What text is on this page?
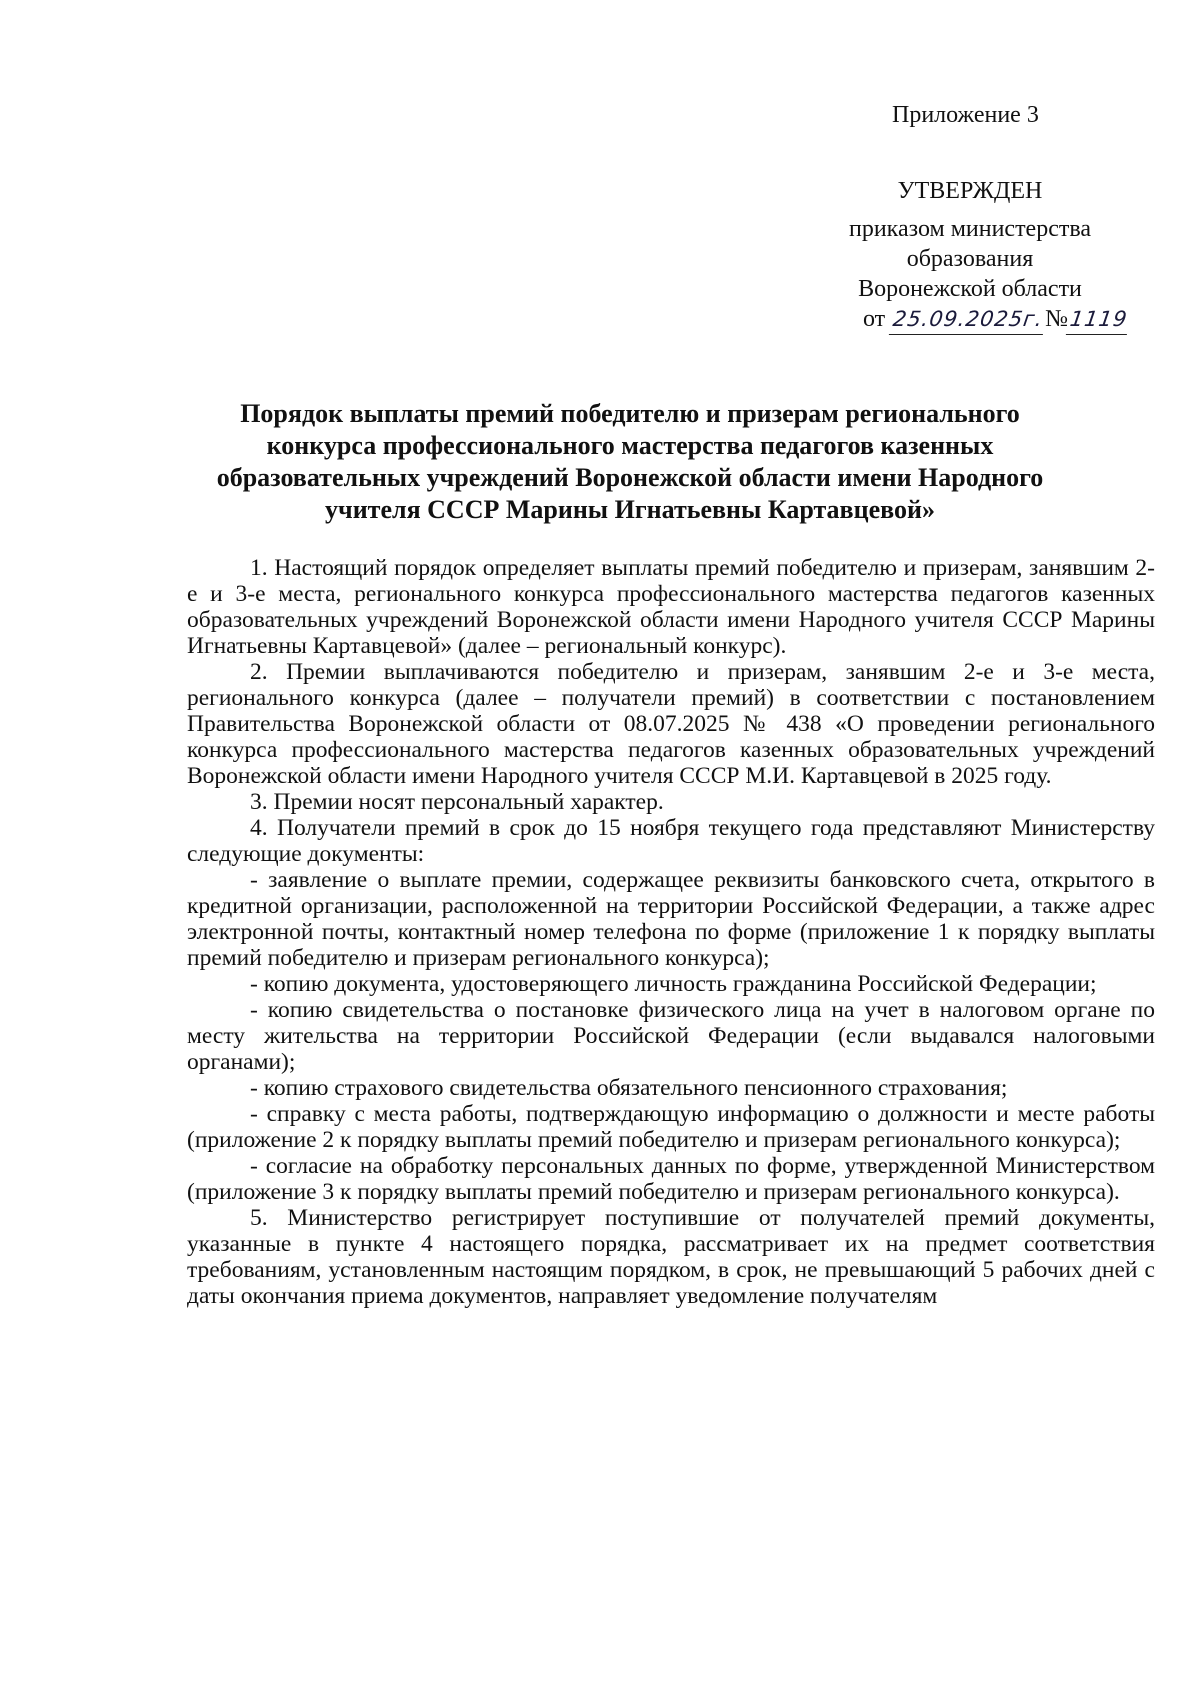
Приложение 3
УТВЕРЖДЕН
приказом министерства
образования
Воронежской области
от 25.09.2025г.№1119
Порядок выплаты премий победителю и призерам регионального
конкурса профессионального мастерства педагогов казенных
образовательных учреждений Воронежской области имени Народного
учителя СССР Марины Игнатьевны Картавцевой»

1. Настоящий порядок определяет выплаты премий победителю и призерам, занявшим 2-е и 3-е места, регионального конкурса профессионального мастерства педагогов казенных образовательных учреждений Воронежской области имени Народного учителя СССР Марины Игнатьевны Картавцевой» (далее – региональный конкурс).

2. Премии выплачиваются победителю и призерам, занявшим 2-е и 3-е места, регионального конкурса (далее – получатели премий) в соответствии с постановлением Правительства Воронежской области от 08.07.2025 № 438 «О проведении регионального конкурса профессионального мастерства педагогов казенных образовательных учреждений Воронежской области имени Народного учителя СССР М.И. Картавцевой в 2025 году.

3. Премии носят персональный характер.

4. Получатели премий в срок до 15 ноября текущего года представляют Министерству следующие документы:

- заявление о выплате премии, содержащее реквизиты банковского счета, открытого в кредитной организации, расположенной на территории Российской Федерации, а также адрес электронной почты, контактный номер телефона по форме (приложение 1 к порядку выплаты премий победителю и призерам регионального конкурса);

- копию документа, удостоверяющего личность гражданина Российской Федерации;

- копию свидетельства о постановке физического лица на учет в налоговом органе по месту жительства на территории Российской Федерации (если выдавался налоговыми органами);

- копию страхового свидетельства обязательного пенсионного страхования;

- справку с места работы, подтверждающую информацию о должности и месте работы (приложение 2 к порядку выплаты премий победителю и призерам регионального конкурса);

- согласие на обработку персональных данных по форме, утвержденной Министерством (приложение 3 к порядку выплаты премий победителю и призерам регионального конкурса).

5. Министерство регистрирует поступившие от получателей премий документы, указанные в пункте 4 настоящего порядка, рассматривает их на предмет соответствия требованиям, установленным настоящим порядком, в срок, не превышающий 5 рабочих дней с даты окончания приема документов, направляет уведомление получателям
